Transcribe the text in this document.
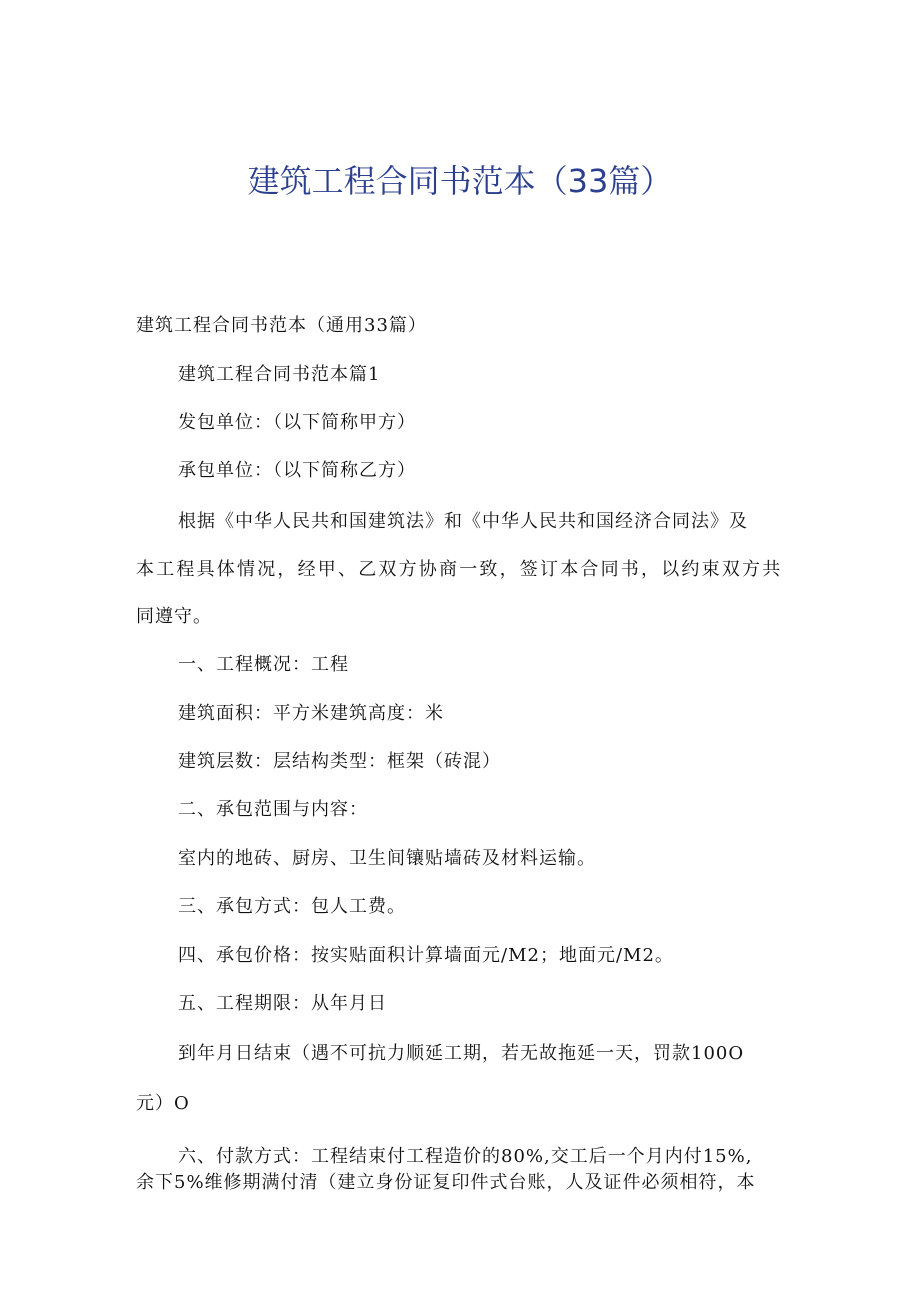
建筑工程合同书范本（33篇）

建筑工程合同书范本（通用33篇）

建筑工程合同书范本篇1

发包单位：（以下简称甲方）

承包单位：（以下简称乙方）

根据《中华人民共和国建筑法》和《中华人民共和国经济合同法》及

本工程具体情况，经甲、乙双方协商一致，签订本合同书，以约束双方共

同遵守。

一、工程概况：工程

建筑面积：平方米建筑高度：米

建筑层数：层结构类型：框架（砖混）

二、承包范围与内容：

室内的地砖、厨房、卫生间镶贴墙砖及材料运输。

三、承包方式：包人工费。

四、承包价格：按实贴面积计算墙面元/M2；地面元/M2。

五、工程期限：从年月日

到年月日结束（遇不可抗力顺延工期，若无故拖延一天，罚款100O

元）O

六、付款方式：工程结束付工程造价的80%,交工后一个月内付15%,

余下5%维修期满付清（建立身份证复印件式台账，人及证件必须相符，本
